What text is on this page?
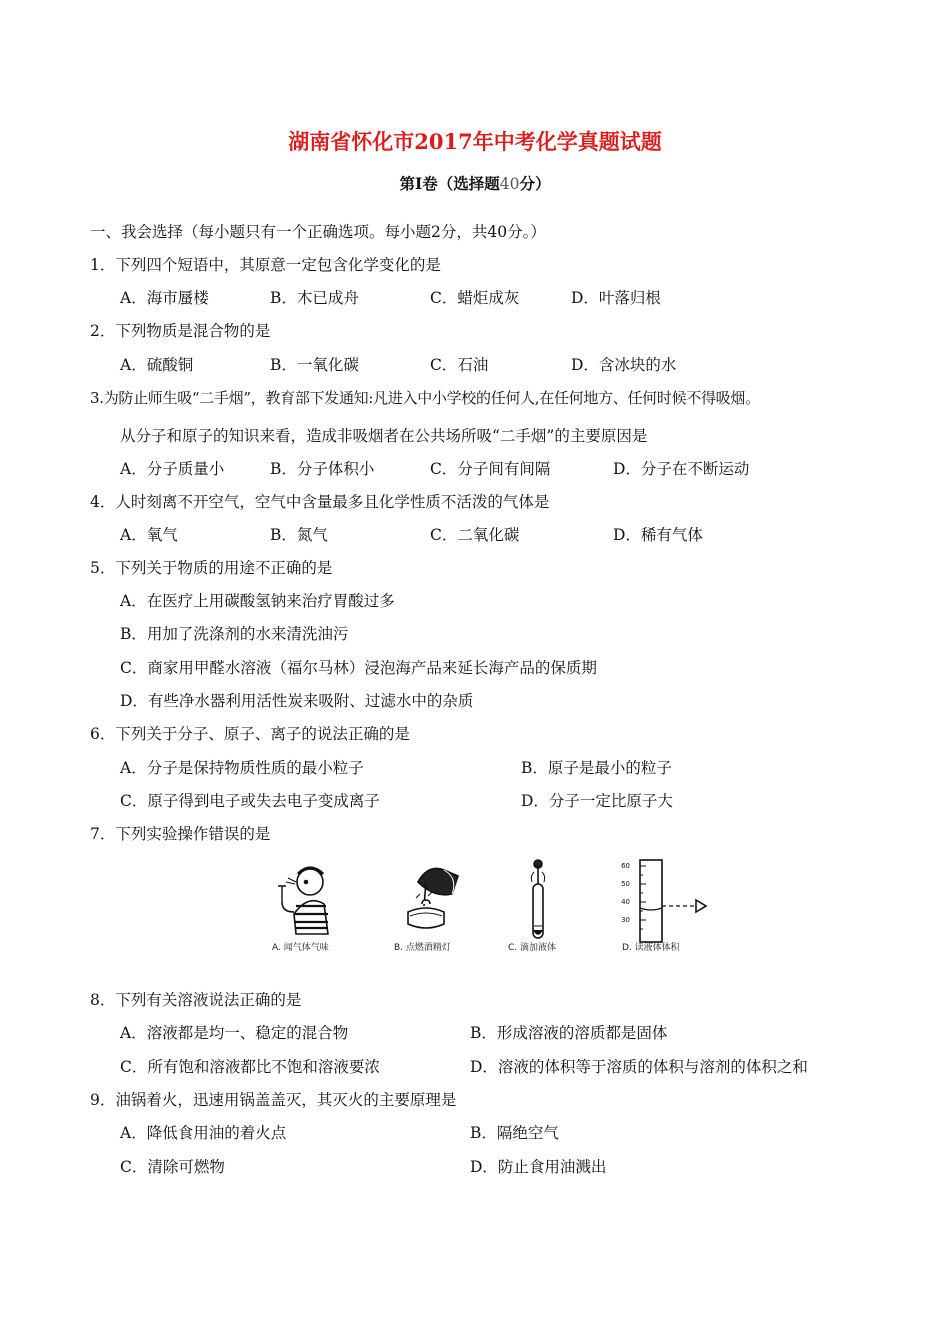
湖南省怀化市2017年中考化学真题试题
第Ⅰ卷（选择题40分）
一、我会选择（每小题只有一个正确选项。每小题2分，共40分。）
1．下列四个短语中，其原意一定包含化学变化的是
A．海市蜃楼	B．木已成舟	C．蜡炬成灰	D．叶落归根
2．下列物质是混合物的是
A．硫酸铜	B．一氧化碳	C．石油	D．含冰块的水
3.为防止师生吸“二手烟”，教育部下发通知:凡进入中小学校的任何人,在任何地方、任何时候不得吸烟。
从分子和原子的知识来看，造成非吸烟者在公共场所吸“二手烟”的主要原因是
A．分子质量小	B．分子体积小	C．分子间有间隔	D．分子在不断运动
4．人时刻离不开空气，空气中含量最多且化学性质不活泼的气体是
A．氧气	B．氮气	C．二氧化碳	D．稀有气体
5．下列关于物质的用途不正确的是
A．在医疗上用碳酸氢钠来治疗胃酸过多
B．用加了洗涤剂的水来清洗油污
C．商家用甲醛水溶液（福尔马林）浸泡海产品来延长海产品的保质期
D．有些净水器利用活性炭来吸附、过滤水中的杂质
6．下列关于分子、原子、离子的说法正确的是
A．分子是保持物质性质的最小粒子	B．原子是最小的粒子
C．原子得到电子或失去电子变成离子	D．分子一定比原子大
7．下列实验操作错误的是
60
50
40
30
A. 闻气体气味	B. 点燃酒精灯	C. 滴加液体	D. 读液体体积
8．下列有关溶液说法正确的是
A．溶液都是均一、稳定的混合物	B．形成溶液的溶质都是固体
C．所有饱和溶液都比不饱和溶液要浓	D．溶液的体积等于溶质的体积与溶剂的体积之和
9．油锅着火，迅速用锅盖盖灭，其灭火的主要原理是
A．降低食用油的着火点	B．隔绝空气
C．清除可燃物	D．防止食用油溅出
